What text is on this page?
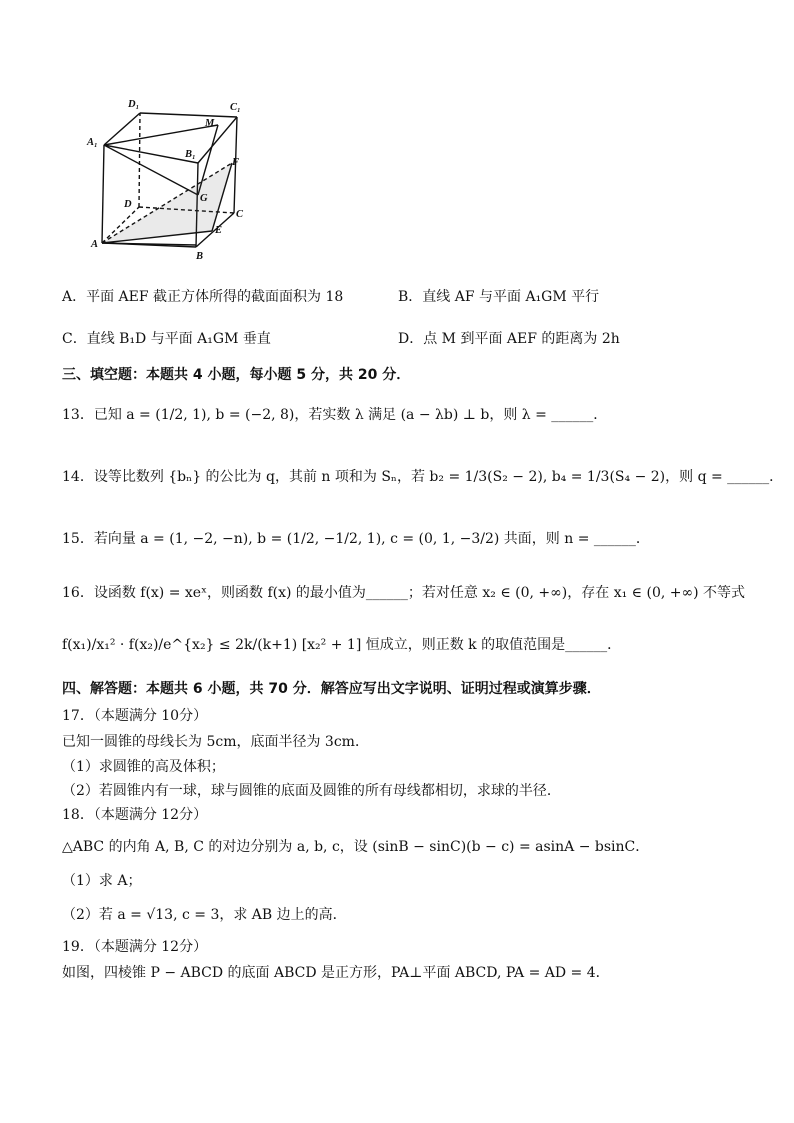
D₁	C₁
A₁
B₁
M
F
G
D
C
A
B
E
A．平面 AEF 截正方体所得的截面面积为 18	B．直线 AF 与平面 A₁GM 平行
C．直线 B₁D 与平面 A₁GM 垂直	D．点 M 到平面 AEF 的距离为 2h
三、填空题：本题共 4 小题，每小题 5 分，共 20 分．
13．已知 a = (1/2, 1), b = (−2, 8)，若实数 λ 满足 (a − λb) ⊥ b，则 λ = ______．
14．设等比数列 {bₙ} 的公比为 q，其前 n 项和为 Sₙ，若 b₂ = 1/3(S₂ − 2), b₄ = 1/3(S₄ − 2)，则 q = ______．
15．若向量 a = (1, −2, −n), b = (1/2, −1/2, 1), c = (0, 1, −3/2) 共面，则 n = ______．
16．设函数 f(x) = xeˣ，则函数 f(x) 的最小值为______；若对任意 x₂ ∈ (0, +∞)，存在 x₁ ∈ (0, +∞) 不等式
f(x₁)/x₁² · f(x₂)/e^{x₂} ≤ 2k/(k+1) [x₂² + 1] 恒成立，则正数 k 的取值范围是______．
四、解答题：本题共 6 小题，共 70 分．解答应写出文字说明、证明过程或演算步骤．
17．（本题满分 10分）
已知一圆锥的母线长为 5cm，底面半径为 3cm．
（1）求圆锥的高及体积；
（2）若圆锥内有一球，球与圆锥的底面及圆锥的所有母线都相切，求球的半径．
18．（本题满分 12分）
△ABC 的内角 A, B, C 的对边分别为 a, b, c，设 (sinB − sinC)(b − c) = asinA − bsinC．
（1）求 A；
（2）若 a = √13, c = 3，求 AB 边上的高．
19．（本题满分 12分）
如图，四棱锥 P − ABCD 的底面 ABCD 是正方形，PA⊥平面 ABCD, PA = AD = 4．
